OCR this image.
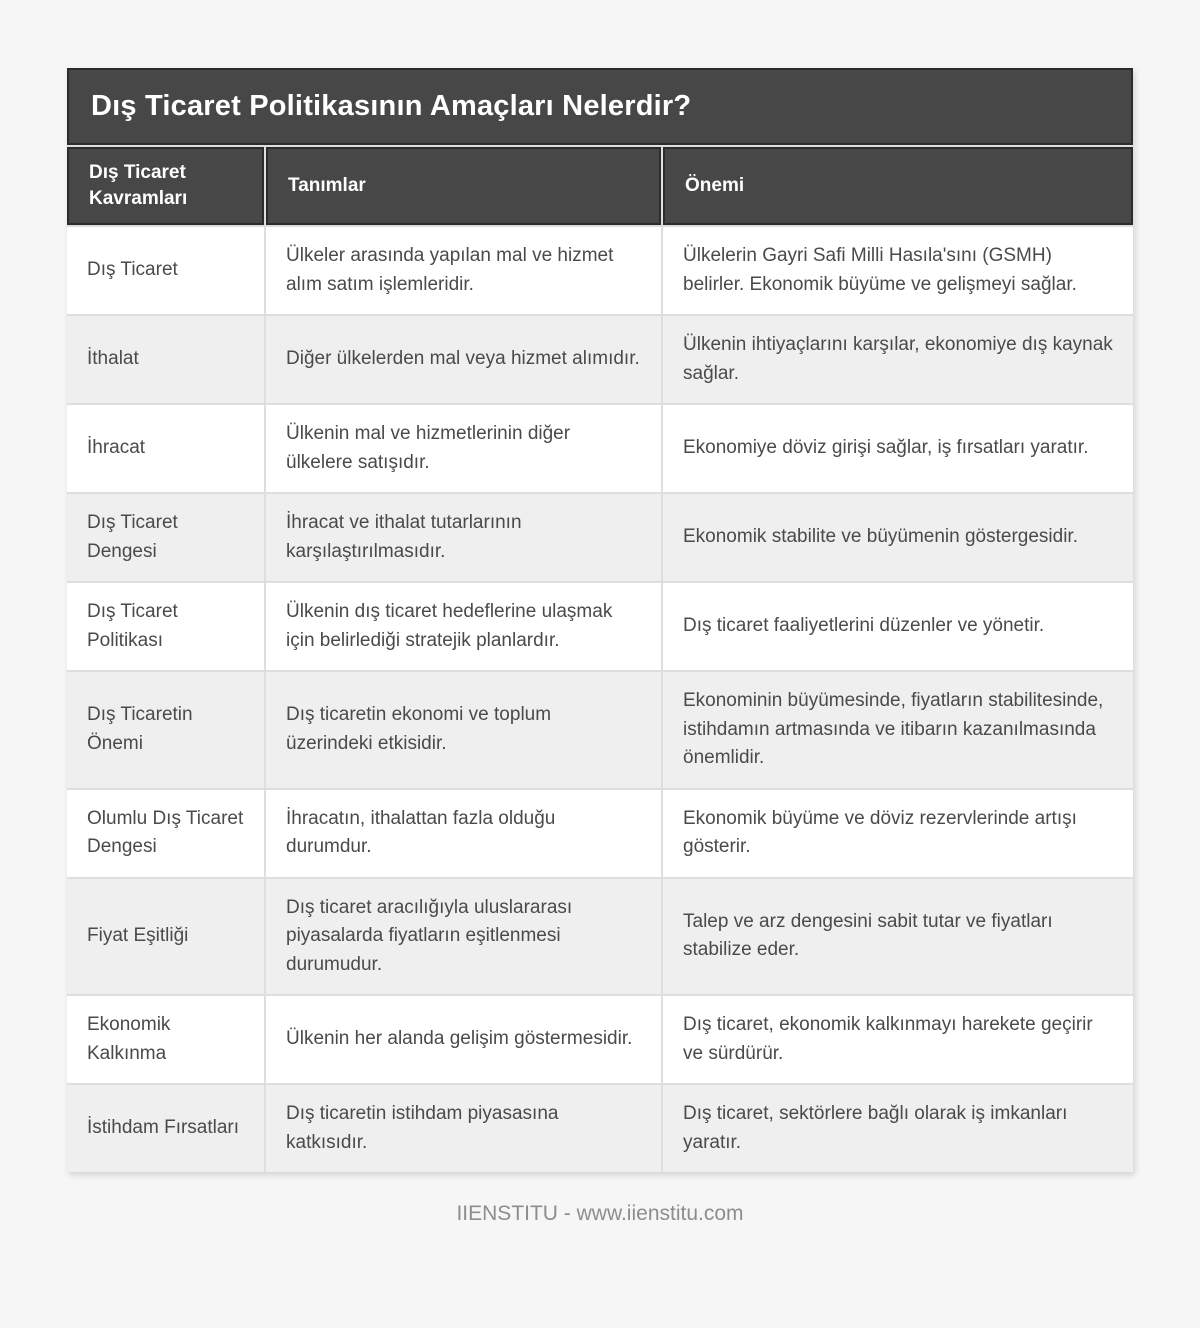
Dış Ticaret Politikasının Amaçları Nelerdir?
Dış Ticaret Kavramları
Tanımlar	Önemi
Dış Ticaret
Ülkeler arasında yapılan mal ve hizmet alım satım işlemleridir.
Ülkelerin Gayri Safi Milli Hasıla'sını (GSMH) belirler. Ekonomik büyüme ve gelişmeyi sağlar.
İthalat	Diğer ülkelerden mal veya hizmet alımıdır.
Ülkenin ihtiyaçlarını karşılar, ekonomiye dış kaynak sağlar.
İhracat
Ülkenin mal ve hizmetlerinin diğer ülkelere satışıdır.
Ekonomiye döviz girişi sağlar, iş fırsatları yaratır.
Dış Ticaret Dengesi
İhracat ve ithalat tutarlarının karşılaştırılmasıdır.
Ekonomik stabilite ve büyümenin göstergesidir.
Dış Ticaret Politikası
Ülkenin dış ticaret hedeflerine ulaşmak için belirlediği stratejik planlardır.
Dış ticaret faaliyetlerini düzenler ve yönetir.
Dış Ticaretin Önemi
Dış ticaretin ekonomi ve toplum üzerindeki etkisidir.
Ekonominin büyümesinde, fiyatların stabilitesinde, istihdamın artmasında ve itibarın kazanılmasında önemlidir.
Olumlu Dış Ticaret Dengesi
İhracatın, ithalattan fazla olduğu durumdur.
Ekonomik büyüme ve döviz rezervlerinde artışı gösterir.
Fiyat Eşitliği
Dış ticaret aracılığıyla uluslararası piyasalarda fiyatların eşitlenmesi durumudur.
Talep ve arz dengesini sabit tutar ve fiyatları stabilize eder.
Ekonomik Kalkınma
Ülkenin her alanda gelişim göstermesidir.
Dış ticaret, ekonomik kalkınmayı harekete geçirir ve sürdürür.
İstihdam Fırsatları
Dış ticaretin istihdam piyasasına katkısıdır.
Dış ticaret, sektörlere bağlı olarak iş imkanları yaratır.
IIENSTITU - www.iienstitu.com
